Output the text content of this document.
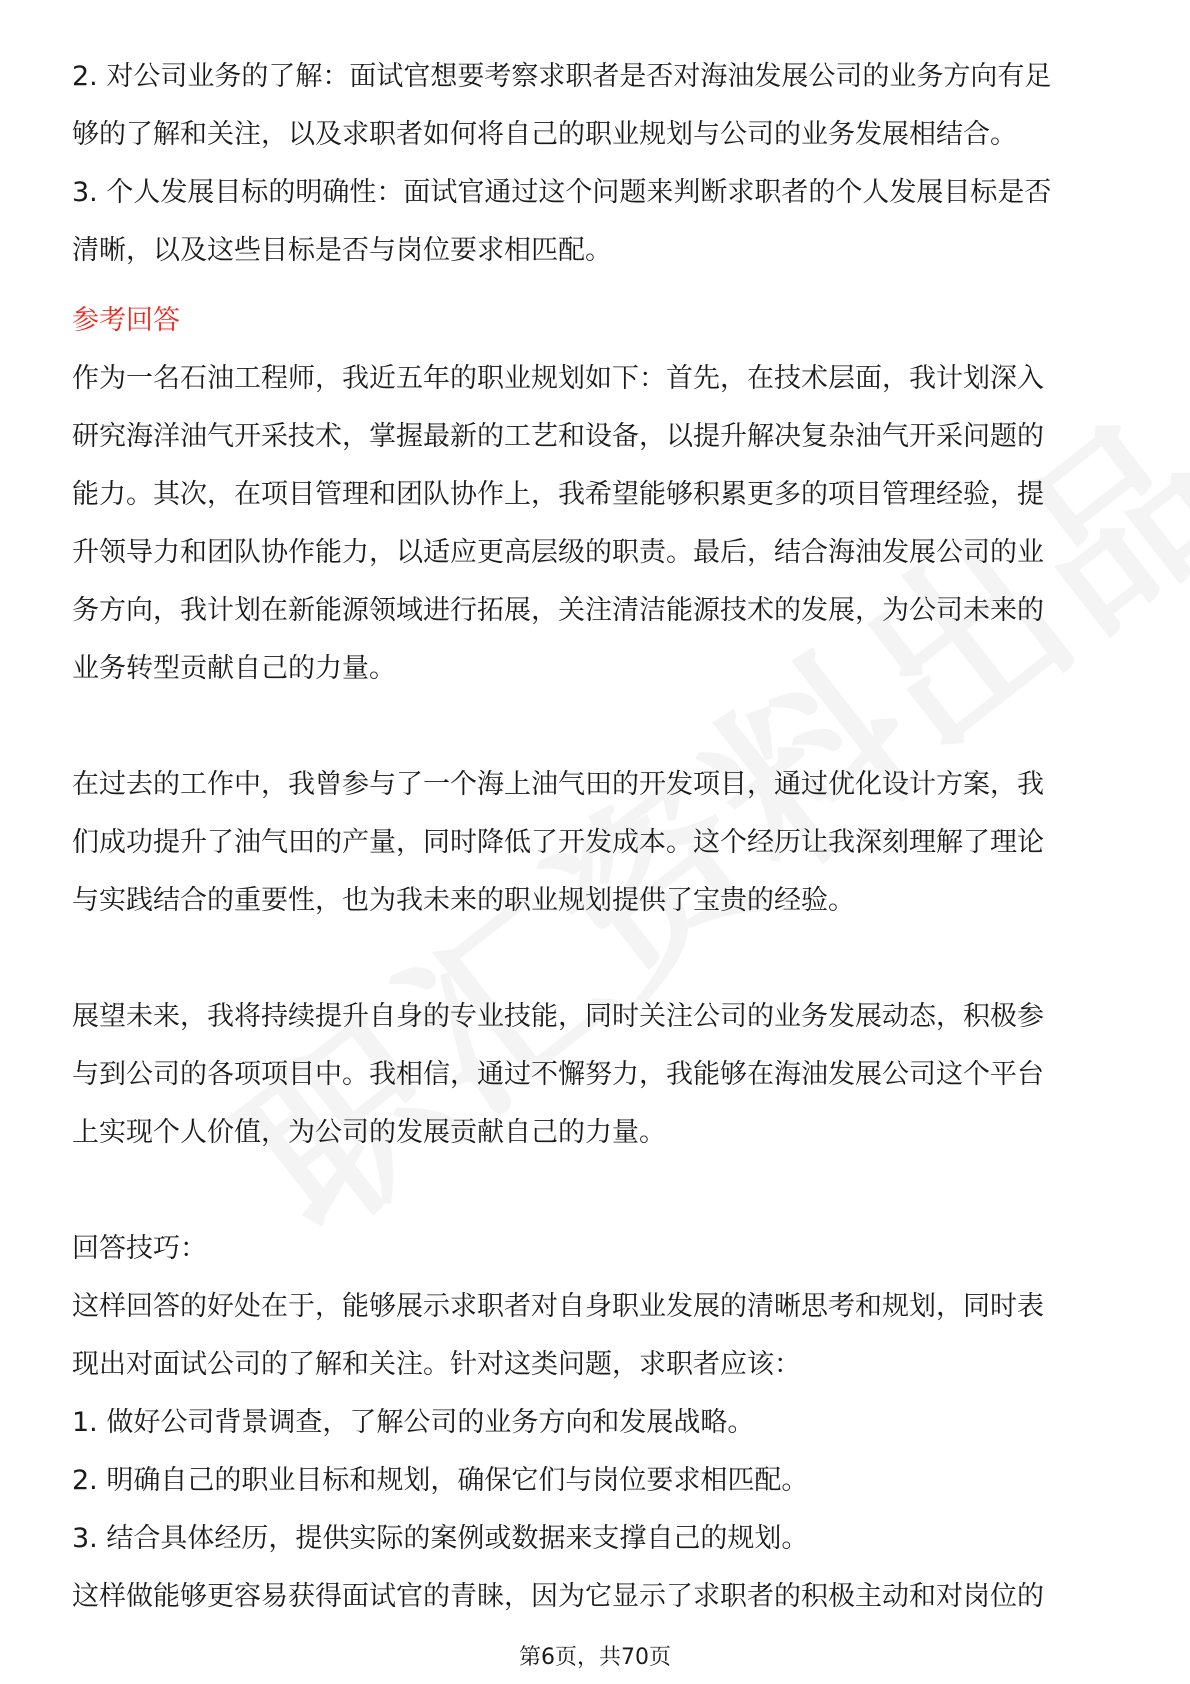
2. 对公司业务的了解：面试官想要考察求职者是否对海油发展公司的业务方向有足
够的了解和关注，以及求职者如何将自己的职业规划与公司的业务发展相结合。
3. 个人发展目标的明确性：面试官通过这个问题来判断求职者的个人发展目标是否
清晰，以及这些目标是否与岗位要求相匹配。
参考回答
作为一名石油工程师，我近五年的职业规划如下：首先，在技术层面，我计划深入
研究海洋油气开采技术，掌握最新的工艺和设备，以提升解决复杂油气开采问题的
能力。其次，在项目管理和团队协作上，我希望能够积累更多的项目管理经验，提
升领导力和团队协作能力，以适应更高层级的职责。最后，结合海油发展公司的业
务方向，我计划在新能源领域进行拓展，关注清洁能源技术的发展，为公司未来的
业务转型贡献自己的力量。
在过去的工作中，我曾参与了一个海上油气田的开发项目，通过优化设计方案，我
们成功提升了油气田的产量，同时降低了开发成本。这个经历让我深刻理解了理论
与实践结合的重要性，也为我未来的职业规划提供了宝贵的经验。
展望未来，我将持续提升自身的专业技能，同时关注公司的业务发展动态，积极参
与到公司的各项项目中。我相信，通过不懈努力，我能够在海油发展公司这个平台
上实现个人价值，为公司的发展贡献自己的力量。
回答技巧：
这样回答的好处在于，能够展示求职者对自身职业发展的清晰思考和规划，同时表
现出对面试公司的了解和关注。针对这类问题，求职者应该：
1. 做好公司背景调查，了解公司的业务方向和发展战略。
2. 明确自己的职业目标和规划，确保它们与岗位要求相匹配。
3. 结合具体经历，提供实际的案例或数据来支撑自己的规划。
这样做能够更容易获得面试官的青睐，因为它显示了求职者的积极主动和对岗位的
第6页，共70页
